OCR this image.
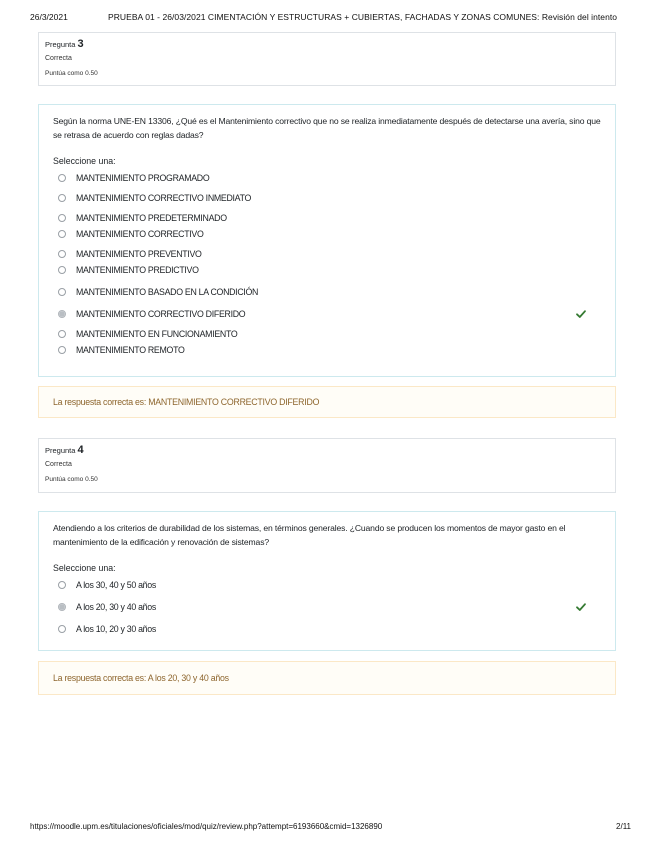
26/3/2021	PRUEBA 01 - 26/03/2021 CIMENTACIÓN Y ESTRUCTURAS + CUBIERTAS, FACHADAS Y ZONAS COMUNES: Revisión del intento
Pregunta 3
Correcta
Puntúa como 0.50
Según la norma UNE-EN 13306, ¿Qué es el Mantenimiento correctivo que no se realiza inmediatamente después de detectarse una avería, sino que se retrasa de acuerdo con reglas dadas?
Seleccione una:
MANTENIMIENTO PROGRAMADO
MANTENIMIENTO CORRECTIVO INMEDIATO
MANTENIMIENTO PREDETERMINADO
MANTENIMIENTO CORRECTIVO
MANTENIMIENTO PREVENTIVO
MANTENIMIENTO PREDICTIVO
MANTENIMIENTO BASADO EN LA CONDICIÓN
MANTENIMIENTO CORRECTIVO DIFERIDO
MANTENIMIENTO EN FUNCIONAMIENTO
MANTENIMIENTO REMOTO
La respuesta correcta es: MANTENIMIENTO CORRECTIVO DIFERIDO
Pregunta 4
Correcta
Puntúa como 0.50
Atendiendo a los criterios de durabilidad de los sistemas, en términos generales. ¿Cuando se producen los momentos de mayor gasto en el mantenimiento de la edificación y renovación de sistemas?
Seleccione una:
A los 30, 40 y 50 años
A los 20, 30 y 40 años
A los 10, 20 y 30 años
La respuesta correcta es: A los 20, 30 y 40 años
https://moodle.upm.es/titulaciones/oficiales/mod/quiz/review.php?attempt=6193660&cmid=1326890	2/11
